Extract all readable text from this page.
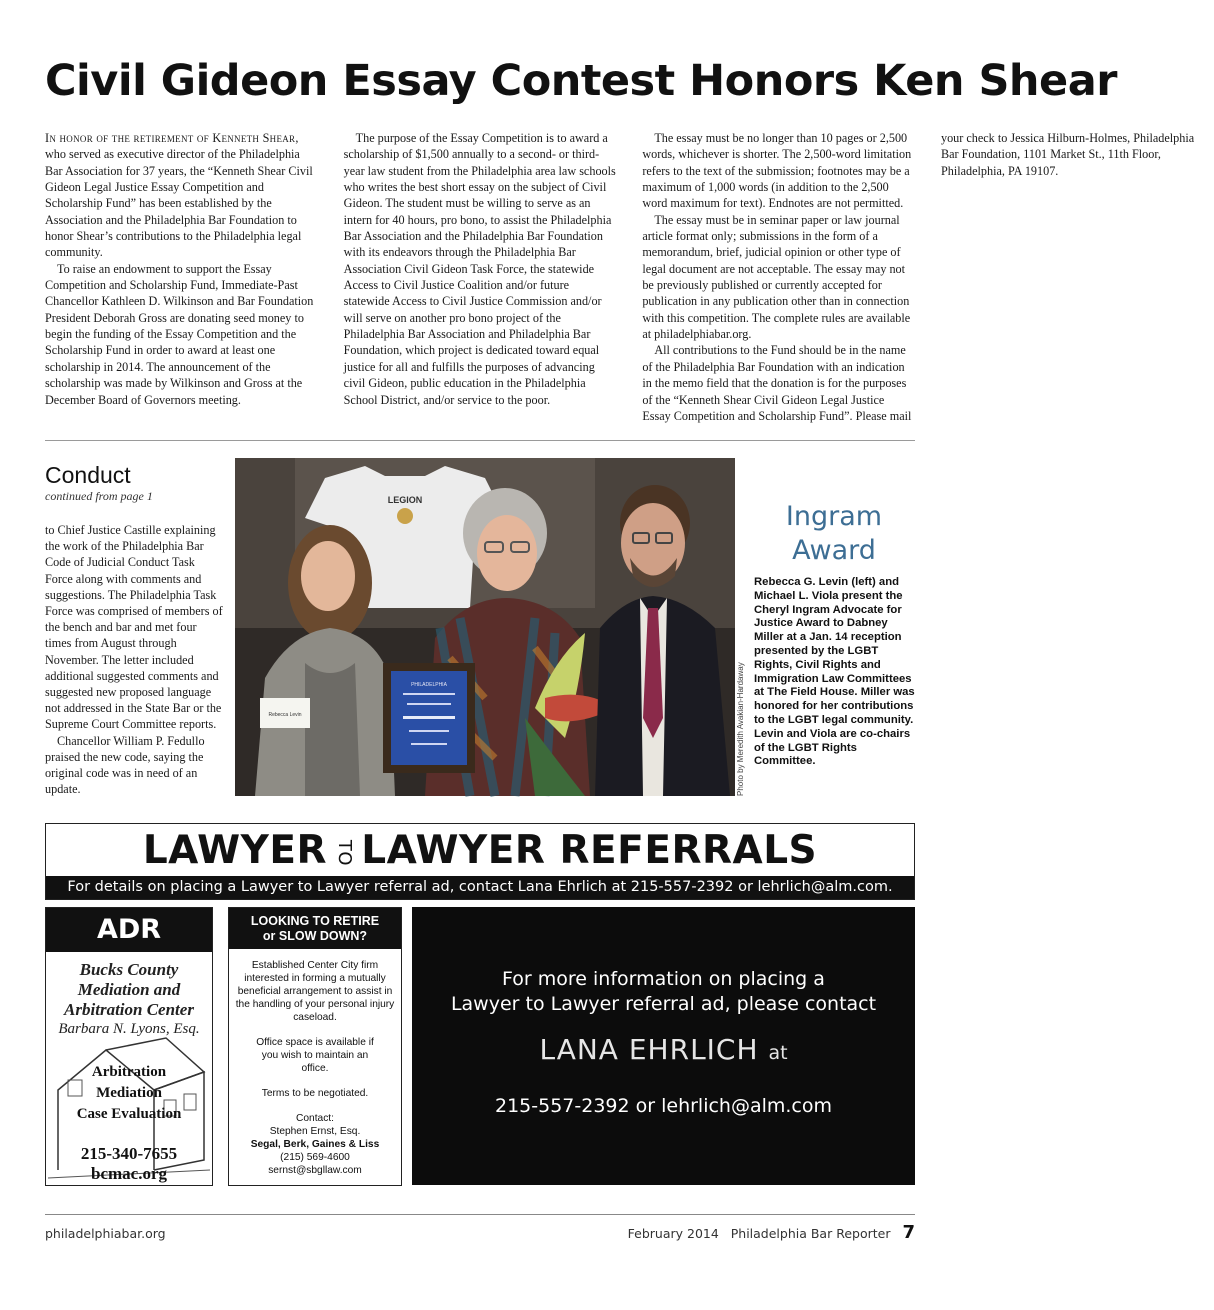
Civil Gideon Essay Contest Honors Ken Shear

In honor of the retirement of Kenneth Shear, who served as executive director of the Philadelphia Bar Association for 37 years, the “Kenneth Shear Civil Gideon Legal Justice Essay Competition and Scholarship Fund” has been established by the Association and the Philadelphia Bar Foundation to honor Shear’s contributions to the Philadelphia legal community.

To raise an endowment to support the Essay Competition and Scholarship Fund, Immediate-Past Chancellor Kathleen D. Wilkinson and Bar Foundation President Deborah Gross are donating seed money to begin the funding of the Essay Competition and the Scholarship Fund in order to award at least one scholarship in 2014. The announcement of the scholarship was made by Wilkinson and Gross at the December Board of Governors meeting.

The purpose of the Essay Competition is to award a scholarship of $1,500 annually to a second- or third-year law student from the Philadelphia area law schools who writes the best short essay on the subject of Civil Gideon. The student must be willing to serve as an intern for 40 hours, pro bono, to assist the Philadelphia Bar Association and the Philadelphia Bar Foundation with its endeavors through the Philadelphia Bar Association Civil Gideon Task Force, the statewide Access to Civil Justice Coalition and/or future statewide Access to Civil Justice Commission and/or will serve on another pro bono project of the Philadelphia Bar Association and Philadelphia Bar Foundation, which project is dedicated toward equal justice for all and fulfills the purposes of advancing civil Gideon, public education in the Philadelphia School District, and/or service to the poor.

The essay must be no longer than 10 pages or 2,500 words, whichever is shorter. The 2,500-word limitation refers to the text of the submission; footnotes may be a maximum of 1,000 words (in addition to the 2,500 word maximum for text). Endnotes are not permitted.

The essay must be in seminar paper or law journal article format only; submissions in the form of a memorandum, brief, judicial opinion or other type of legal document are not acceptable. The essay may not be previously published or currently accepted for publication in any publication other than in connection with this competition. The complete rules are available at philadelphiabar.org.

All contributions to the Fund should be in the name of the Philadelphia Bar Foundation with an indication in the memo field that the donation is for the purposes of the “Kenneth Shear Civil Gideon Legal Justice Essay Competition and Scholarship Fund”. Please mail your check to Jessica Hilburn-Holmes, Philadelphia Bar Foundation, 1101 Market St., 11th Floor, Philadelphia, PA 19107.

Conduct
continued from page 1

to Chief Justice Castille explaining the work of the Philadelphia Bar Code of Judicial Conduct Task Force along with comments and suggestions. The Philadelphia Task Force was comprised of members of the bench and bar and met four times from August through November. The letter included additional suggested comments and suggested new proposed language not addressed in the State Bar or the Supreme Court Committee reports.

Chancellor William P. Fedullo praised the new code, saying the original code was in need of an update.

LEGION
Rebecca Levin
PHILADELPHIA	Photo by Meredith Avakian-Hardaway
Ingram
Award
Rebecca G. Levin (left) and Michael L. Viola present the Cheryl Ingram Advocate for Justice Award to Dabney Miller at a Jan. 14 reception presented by the LGBT Rights, Civil Rights and Immigration Law Committees at The Field House. Miller was honored for her contributions to the LGBT legal community. Levin and Viola are co-chairs of the LGBT Rights Committee.
LAWYER TO LAWYER REFERRALS
For details on placing a Lawyer to Lawyer referral ad, contact Lana Ehrlich at 215-557-2392 or lehrlich@alm.com.
ADR
Bucks County
Mediation and
Arbitration Center
Barbara N. Lyons, Esq.
Arbitration
Mediation
Case Evaluation
215-340-7655
bcmac.org
LOOKING TO RETIRE
or SLOW DOWN?

Established Center City firm interested in forming a mutually beneficial arrangement to assist in the handling of your personal injury caseload.

Office space is available if you wish to maintain an office.

Terms to be negotiated.

Contact:

Stephen Ernst, Esq.

Segal, Berk, Gaines & Liss

(215) 569-4600

sernst@sbgllaw.com

For more information on placing a
Lawyer to Lawyer referral ad, please contact
LANA EHRLICH at
215-557-2392 or lehrlich@alm.com
philadelphiabar.org	February 2014 Philadelphia Bar Reporter 7
